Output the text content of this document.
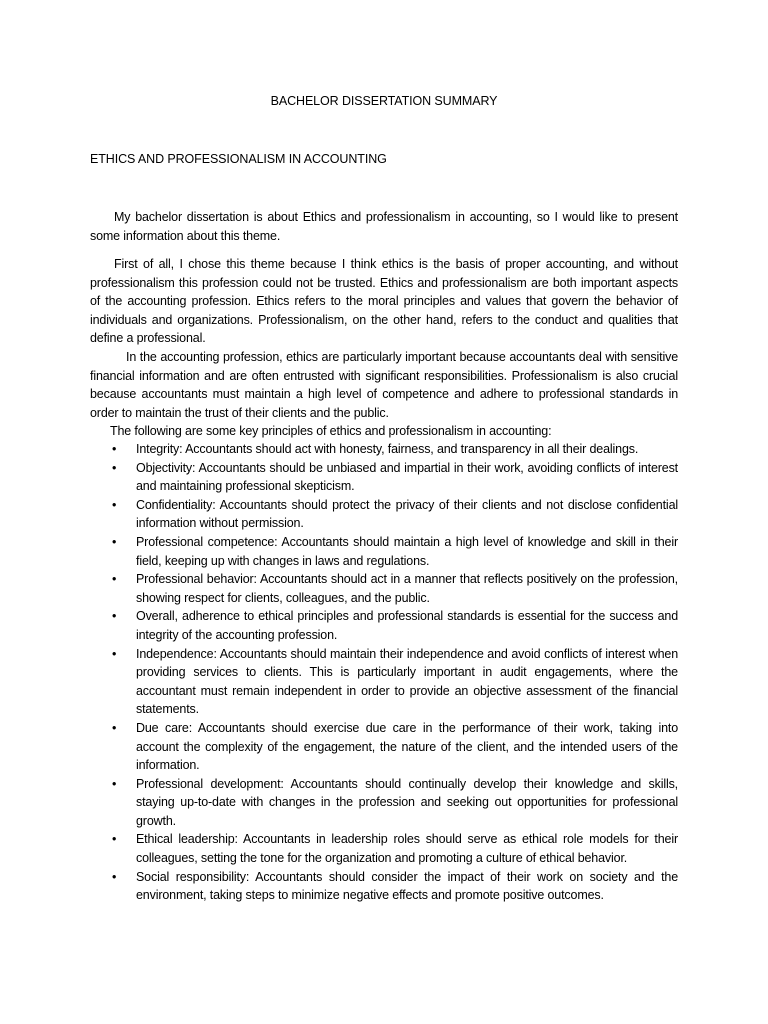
BACHELOR DISSERTATION SUMMARY
ETHICS AND PROFESSIONALISM IN ACCOUNTING

My bachelor dissertation is about Ethics and professionalism in accounting, so I would like to present some information about this theme.

First of all, I chose this theme because I think ethics is the basis of proper accounting, and without professionalism this profession could not be trusted. Ethics and professionalism are both important aspects of the accounting profession. Ethics refers to the moral principles and values that govern the behavior of individuals and organizations. Professionalism, on the other hand, refers to the conduct and qualities that define a professional.

In the accounting profession, ethics are particularly important because accountants deal with sensitive financial information and are often entrusted with significant responsibilities. Professionalism is also crucial because accountants must maintain a high level of competence and adhere to professional standards in order to maintain the trust of their clients and the public.

The following are some key principles of ethics and professionalism in accounting:

• Integrity: Accountants should act with honesty, fairness, and transparency in all their dealings.
• Objectivity: Accountants should be unbiased and impartial in their work, avoiding conflicts of interest and maintaining professional skepticism.
• Confidentiality: Accountants should protect the privacy of their clients and not disclose confidential information without permission.
• Professional competence: Accountants should maintain a high level of knowledge and skill in their field, keeping up with changes in laws and regulations.
• Professional behavior: Accountants should act in a manner that reflects positively on the profession, showing respect for clients, colleagues, and the public.
• Overall, adherence to ethical principles and professional standards is essential for the success and integrity of the accounting profession.
• Independence: Accountants should maintain their independence and avoid conflicts of interest when providing services to clients. This is particularly important in audit engagements, where the accountant must remain independent in order to provide an objective assessment of the financial statements.
• Due care: Accountants should exercise due care in the performance of their work, taking into account the complexity of the engagement, the nature of the client, and the intended users of the information.
• Professional development: Accountants should continually develop their knowledge and skills, staying up-to-date with changes in the profession and seeking out opportunities for professional growth.
• Ethical leadership: Accountants in leadership roles should serve as ethical role models for their colleagues, setting the tone for the organization and promoting a culture of ethical behavior.
• Social responsibility: Accountants should consider the impact of their work on society and the environment, taking steps to minimize negative effects and promote positive outcomes.
